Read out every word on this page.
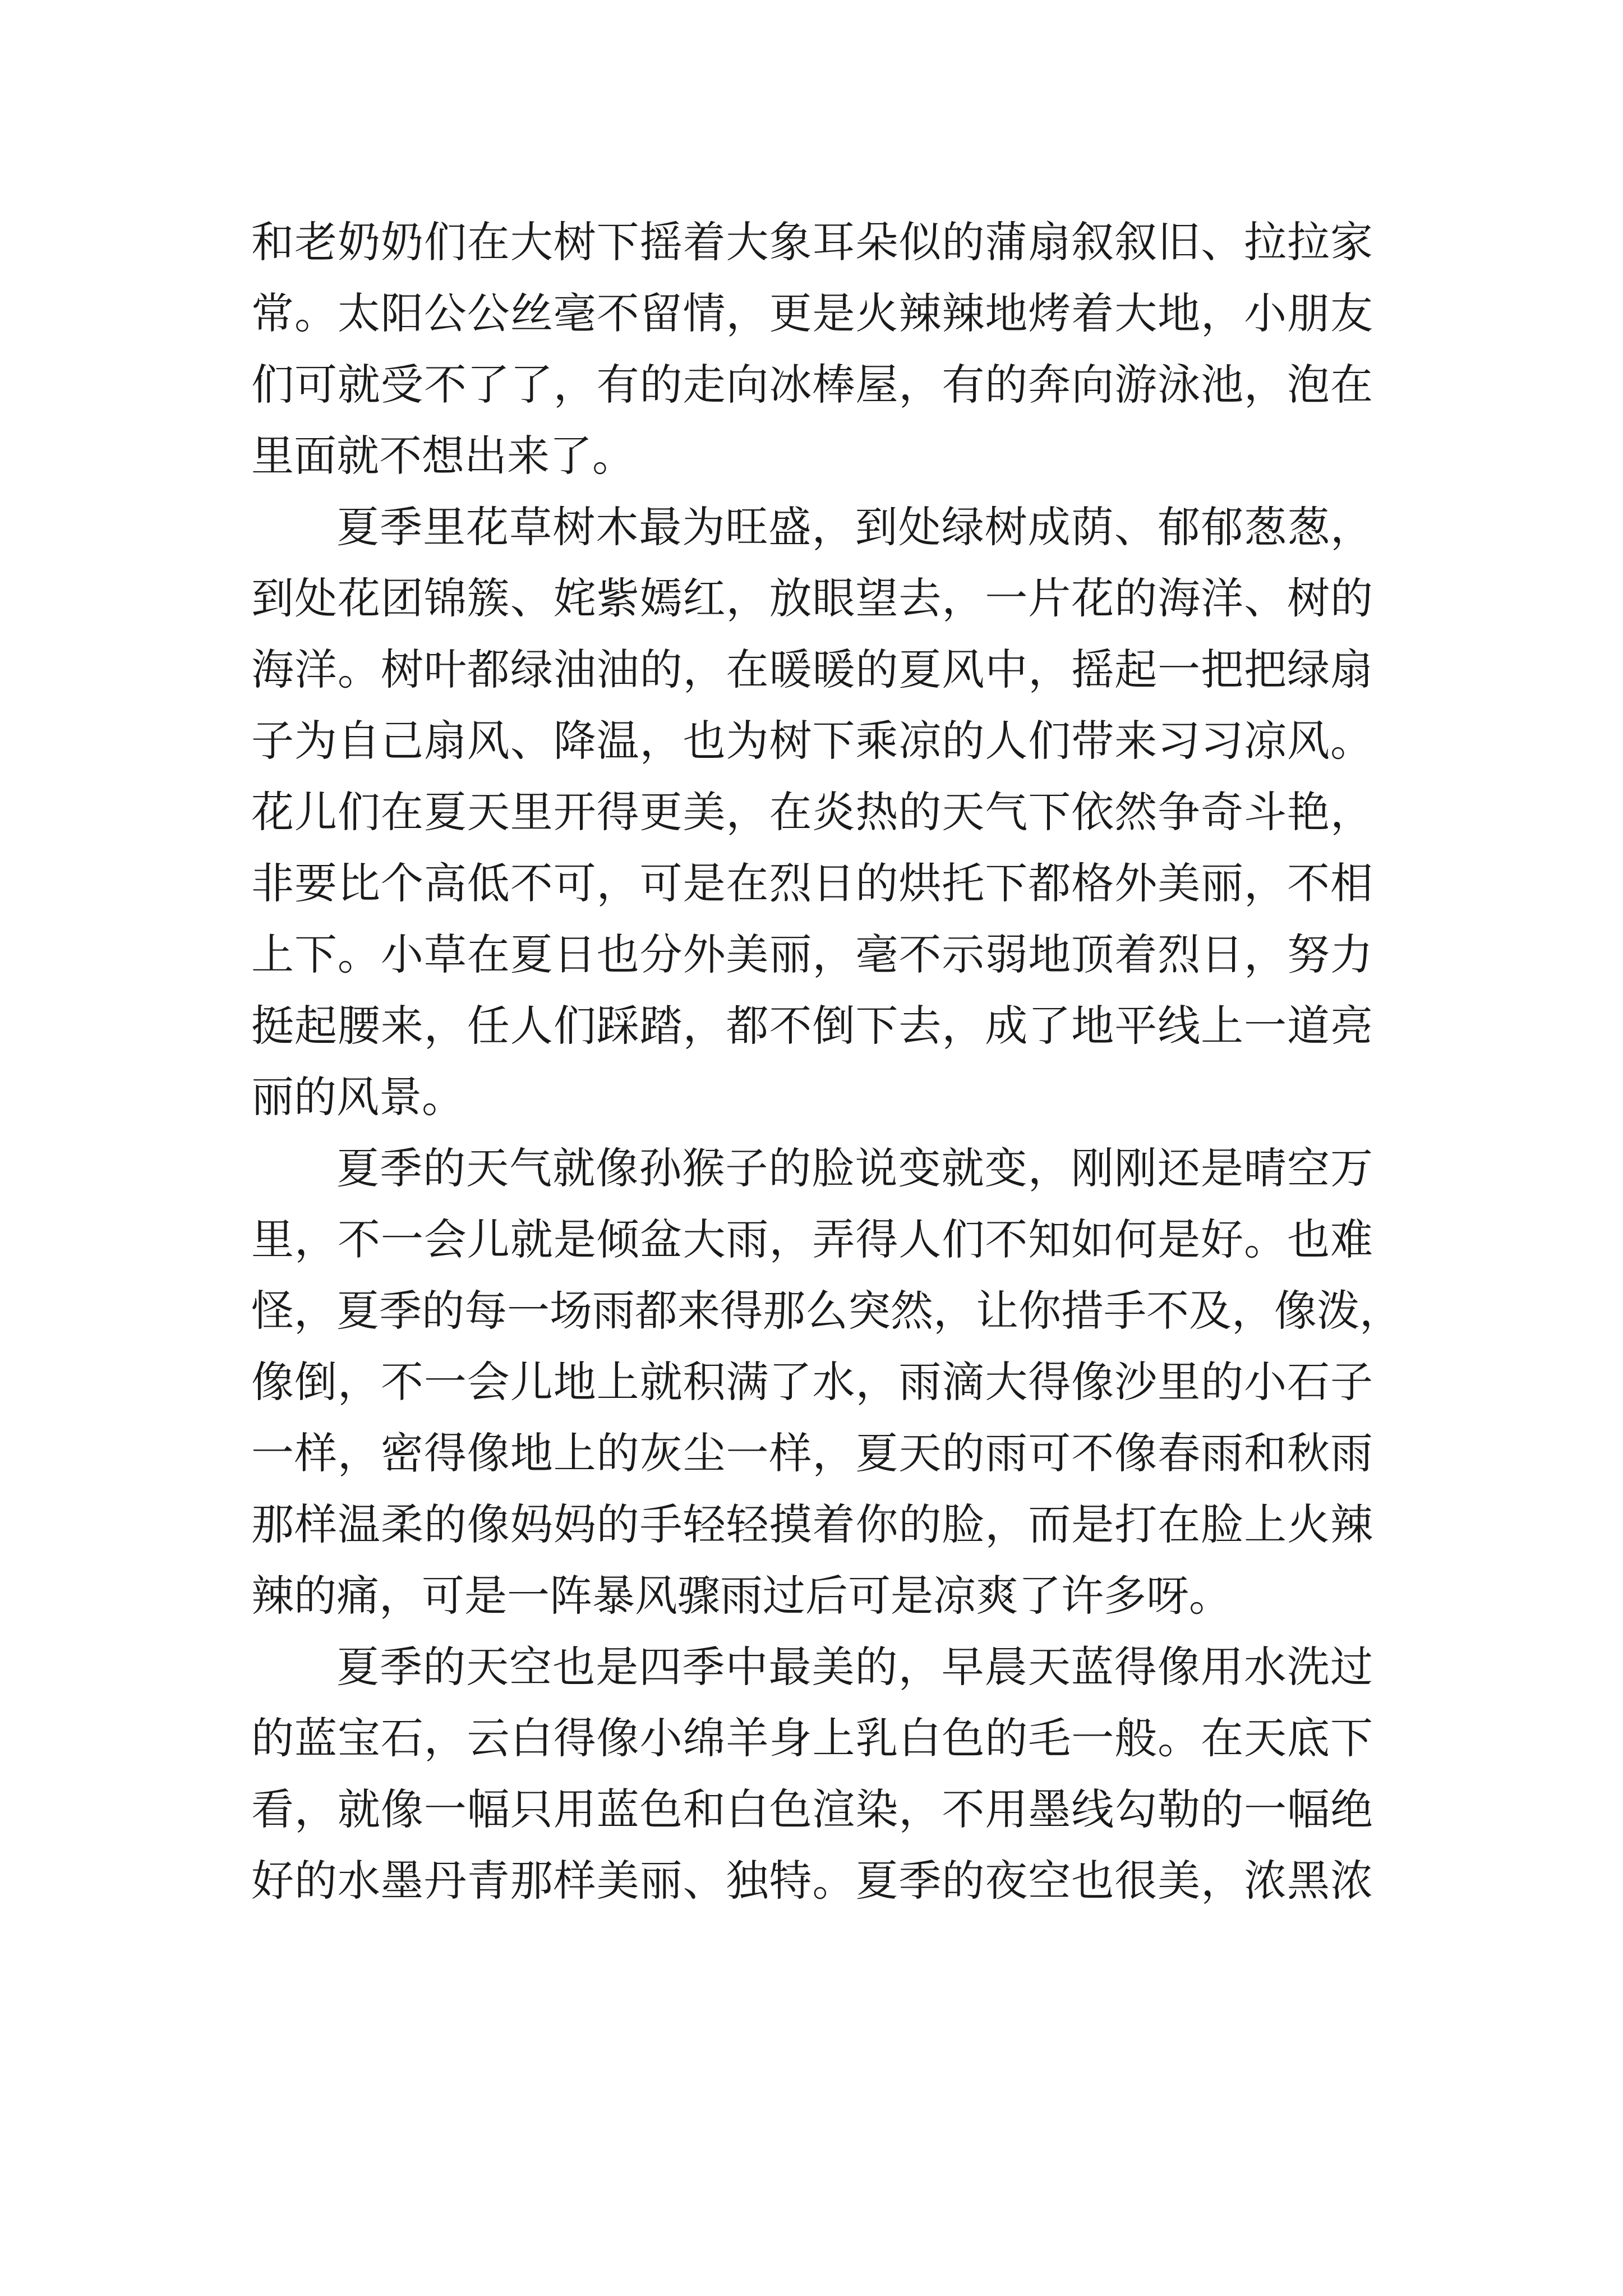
和老奶奶们在大树下摇着大象耳朵似的蒲扇叙叙旧、拉拉家
常。太阳公公丝毫不留情，更是火辣辣地烤着大地，小朋友
们可就受不了了，有的走向冰棒屋，有的奔向游泳池，泡在
里面就不想出来了。

夏季里花草树木最为旺盛，到处绿树成荫、郁郁葱葱，
到处花团锦簇、姹紫嫣红，放眼望去，一片花的海洋、树的
海洋。树叶都绿油油的，在暖暖的夏风中，摇起一把把绿扇
子为自己扇风、降温，也为树下乘凉的人们带来习习凉风。
花儿们在夏天里开得更美，在炎热的天气下依然争奇斗艳，
非要比个高低不可，可是在烈日的烘托下都格外美丽，不相
上下。小草在夏日也分外美丽，毫不示弱地顶着烈日，努力
挺起腰来，任人们踩踏，都不倒下去，成了地平线上一道亮
丽的风景。

夏季的天气就像孙猴子的脸说变就变，刚刚还是晴空万
里，不一会儿就是倾盆大雨，弄得人们不知如何是好。也难
怪，夏季的每一场雨都来得那么突然，让你措手不及，像泼，
像倒，不一会儿地上就积满了水，雨滴大得像沙里的小石子
一样，密得像地上的灰尘一样，夏天的雨可不像春雨和秋雨
那样温柔的像妈妈的手轻轻摸着你的脸，而是打在脸上火辣
辣的痛，可是一阵暴风骤雨过后可是凉爽了许多呀。

夏季的天空也是四季中最美的，早晨天蓝得像用水洗过
的蓝宝石，云白得像小绵羊身上乳白色的毛一般。在天底下
看，就像一幅只用蓝色和白色渲染，不用墨线勾勒的一幅绝
好的水墨丹青那样美丽、独特。夏季的夜空也很美，浓黑浓
